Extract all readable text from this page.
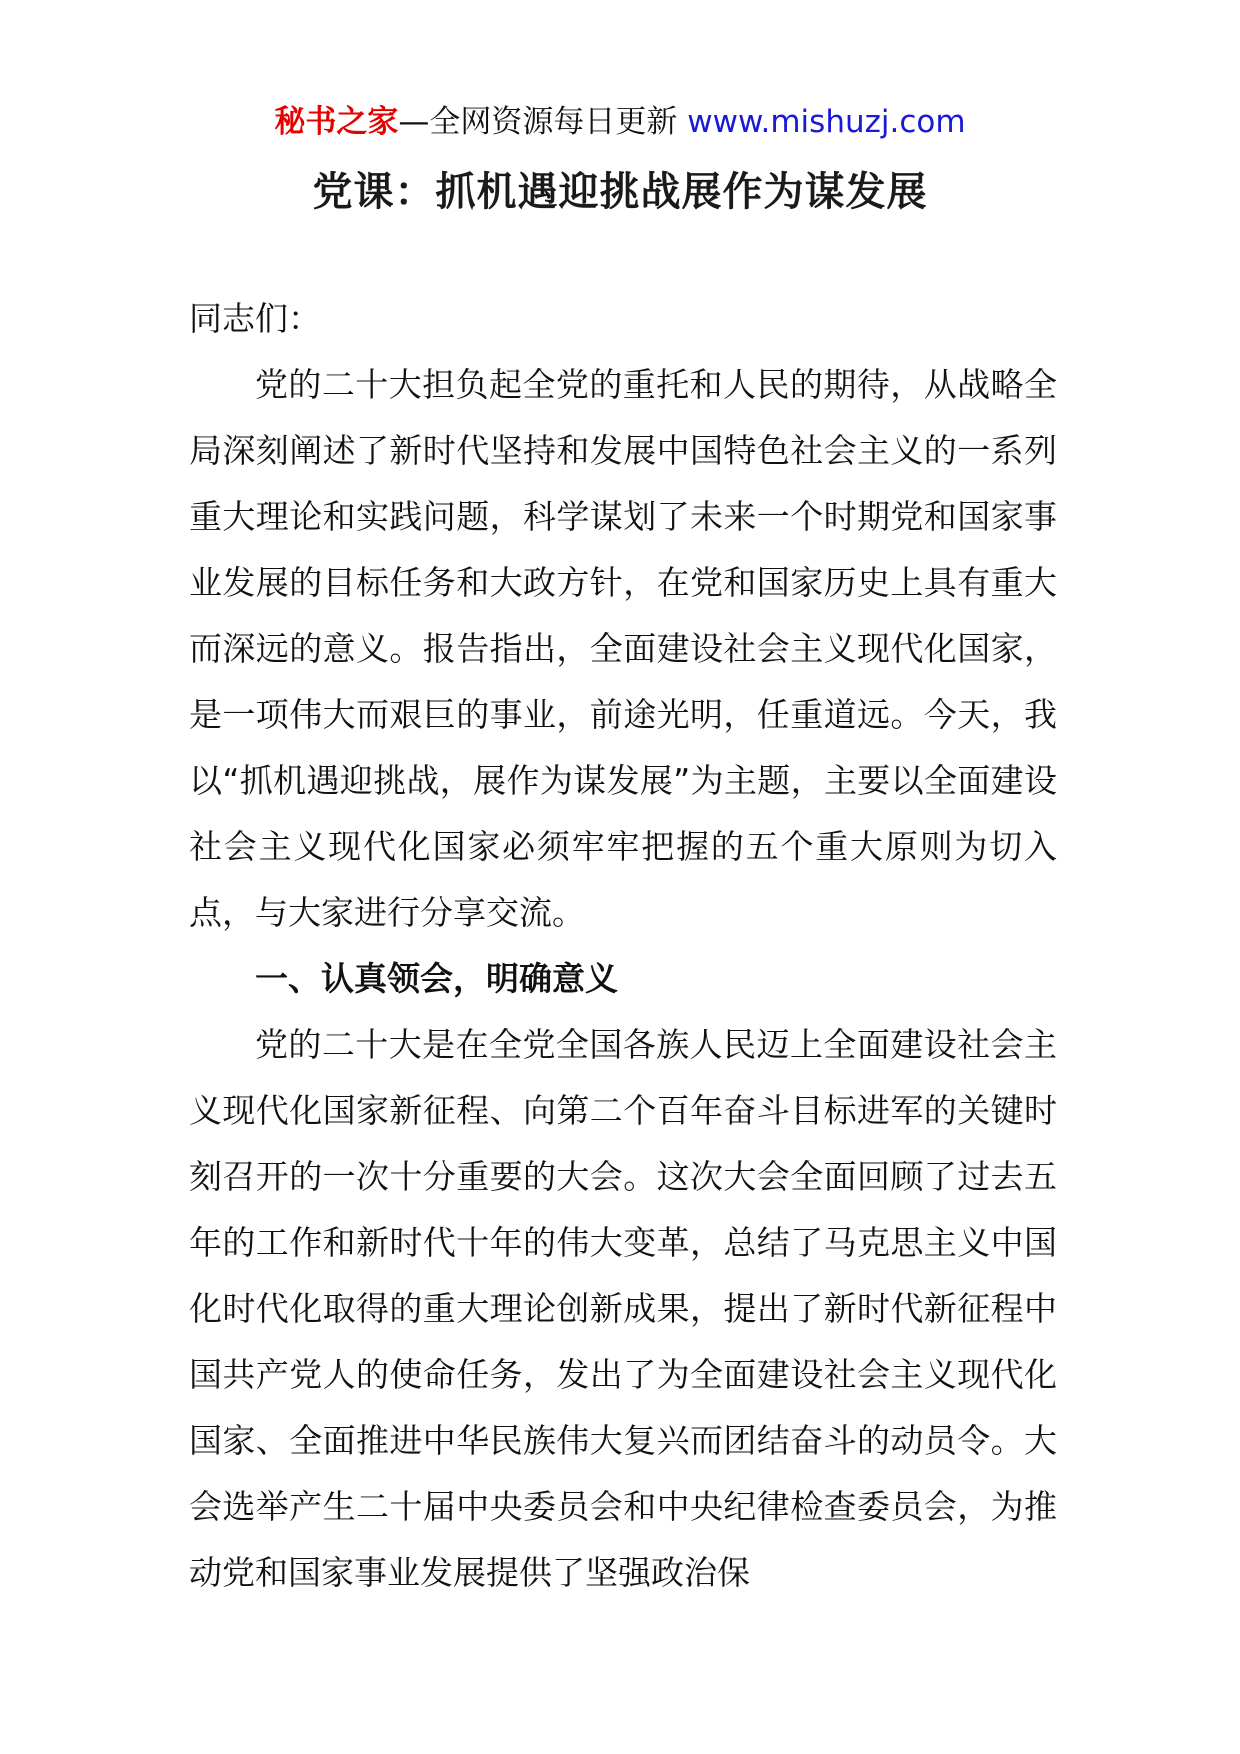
秘书之家—全网资源每日更新 www.mishuzj.com
党课：抓机遇迎挑战展作为谋发展

同志们：

党的二十大担负起全党的重托和人民的期待，从战略全局深刻阐述了新时代坚持和发展中国特色社会主义的一系列重大理论和实践问题，科学谋划了未来一个时期党和国家事业发展的目标任务和大政方针，在党和国家历史上具有重大而深远的意义。报告指出，全面建设社会主义现代化国家，是一项伟大而艰巨的事业，前途光明，任重道远。今天，我以“抓机遇迎挑战，展作为谋发展”为主题，主要以全面建设社会主义现代化国家必须牢牢把握的五个重大原则为切入点，与大家进行分享交流。

一、认真领会，明确意义

党的二十大是在全党全国各族人民迈上全面建设社会主义现代化国家新征程、向第二个百年奋斗目标进军的关键时刻召开的一次十分重要的大会。这次大会全面回顾了过去五年的工作和新时代十年的伟大变革，总结了马克思主义中国化时代化取得的重大理论创新成果，提出了新时代新征程中国共产党人的使命任务，发出了为全面建设社会主义现代化国家、全面推进中华民族伟大复兴而团结奋斗的动员令。大会选举产生二十届中央委员会和中央纪律检查委员会，为推动党和国家事业发展提供了坚强政治保
